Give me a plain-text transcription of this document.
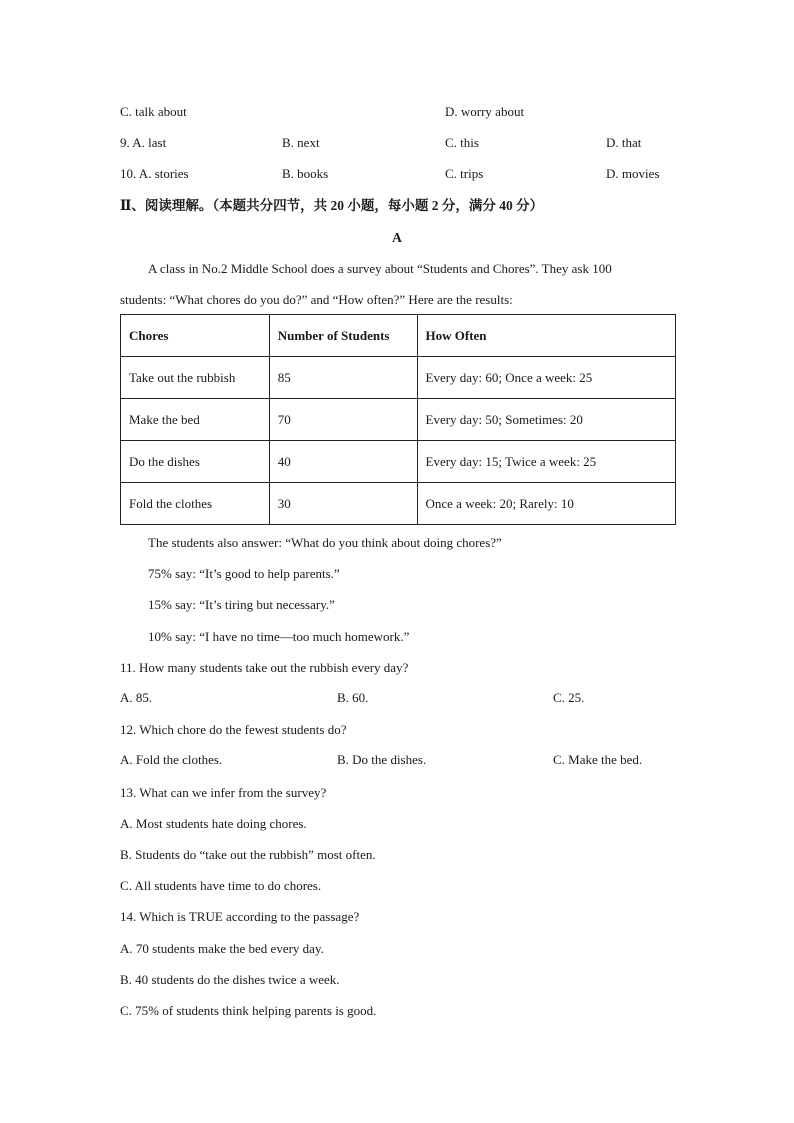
C. talk about	D. worry about
9. A. last	B. next	C. this	D. that
10. A. stories	B. books	C. trips	D. movies
Ⅱ、阅读理解。（本题共分四节，共 20 小题，每小题 2 分，满分 40 分）
A
A class in No.2 Middle School does a survey about “Students and Chores”. They ask 100
students: “What chores do you do?” and “How often?” Here are the results:
Chores	Number of Students	How Often
Take out the rubbish	85	Every day: 60; Once a week: 25
Make the bed	70	Every day: 50; Sometimes: 20
Do the dishes	40	Every day: 15; Twice a week: 25
Fold the clothes	30	Once a week: 20; Rarely: 10
The students also answer: “What do you think about doing chores?”
75% say: “It’s good to help parents.”
15% say: “It’s tiring but necessary.”
10% say: “I have no time—too much homework.”
11. How many students take out the rubbish every day?
A. 85.	B. 60.	C. 25.
12. Which chore do the fewest students do?
A. Fold the clothes.	B. Do the dishes.	C. Make the bed.
13. What can we infer from the survey?
A. Most students hate doing chores.
B. Students do “take out the rubbish” most often.
C. All students have time to do chores.
14. Which is TRUE according to the passage?
A. 70 students make the bed every day.
B. 40 students do the dishes twice a week.
C. 75% of students think helping parents is good.
